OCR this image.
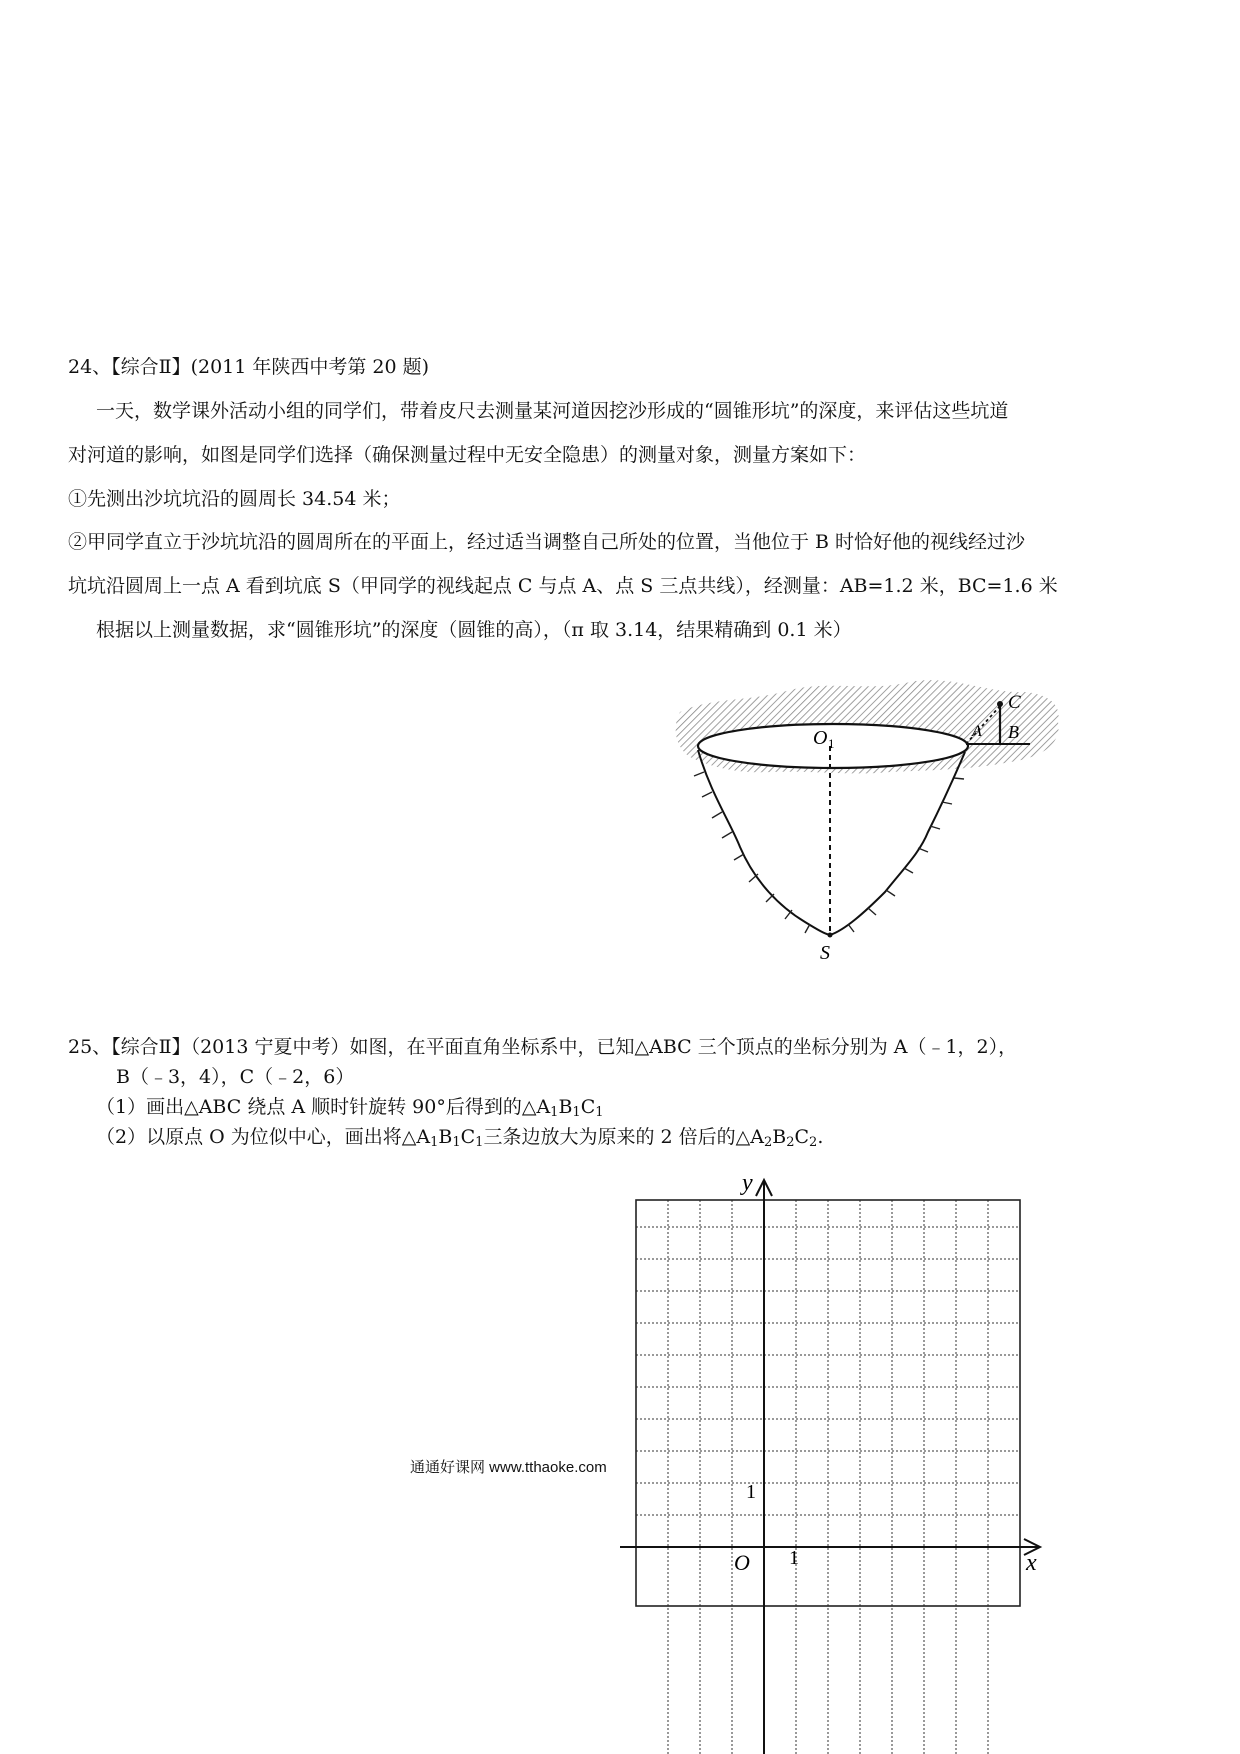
24、【综合Ⅱ】(2011 年陕西中考第 20 题)
一天，数学课外活动小组的同学们，带着皮尺去测量某河道因挖沙形成的“圆锥形坑”的深度，来评估这些坑道
对河道的影响，如图是同学们选择（确保测量过程中无安全隐患）的测量对象，测量方案如下：
①先测出沙坑坑沿的圆周长 34.54 米；
②甲同学直立于沙坑坑沿的圆周所在的平面上，经过适当调整自己所处的位置，当他位于 B 时恰好他的视线经过沙
坑坑沿圆周上一点 A 看到坑底 S（甲同学的视线起点 C 与点 A、点 S 三点共线），经测量：AB=1.2 米，BC=1.6 米
根据以上测量数据，求“圆锥形坑”的深度（圆锥的高），（π 取 3.14，结果精确到 0.1 米）
C
A B
O 1
S
25、【综合Ⅱ】（2013 宁夏中考）如图，在平面直角坐标系中，已知△ABC 三个顶点的坐标分别为 A（﹣1，2），
B（﹣3，4），C（﹣2，6）
（1）画出△ABC 绕点 A 顺时针旋转 90°后得到的$\triangle A_1B_1C_1$
（2）以原点 O 为位似中心，画出将$\triangle A_1B_1C_1$三条边放大为原来的 2 倍后的$\triangle A_2B_2C_2$.
y
x
O 1
1
通通好课网 www.tthaoke.com
